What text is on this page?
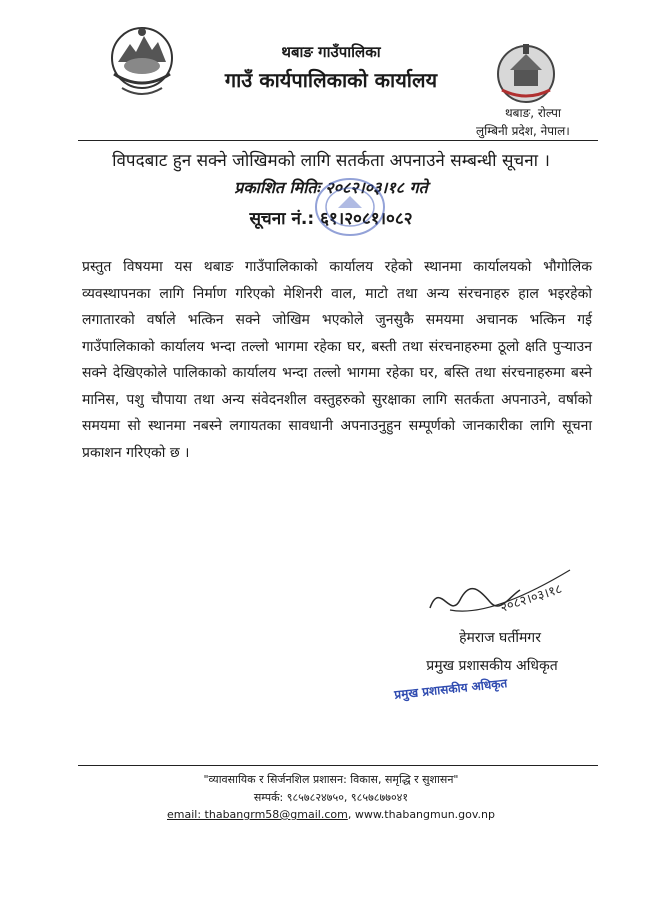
थबाङ गाउँपालिका
गाउँ कार्यपालिकाको कार्यालय
थबाङ, रोल्पा
लुम्बिनी प्रदेश, नेपाल।
विपदबाट हुन सक्ने जोखिमको लागि सतर्कता अपनाउने सम्बन्धी सूचना ।
प्रकाशित मितिः २०८२।०३।१८ गते
सूचना नं.: ६१।२०८१।०८२
प्रस्तुत विषयमा यस थबाङ गाउँपालिकाको कार्यालय रहेको स्थानमा कार्यालयको भौगोलिक व्यवस्थापनका लागि निर्माण गरिएको मेशिनरी वाल, माटो तथा अन्य संरचनाहरु हाल भइरहेको लगातारको वर्षाले भत्किन सक्ने जोखिम भएकोले जुनसुकै समयमा अचानक भत्किन गई गाउँपालिकाको कार्यालय भन्दा तल्लो भागमा रहेका घर, बस्ती तथा संरचनाहरुमा ठूलो क्षति पुऱ्याउन सक्ने देखिएकोले पालिकाको कार्यालय भन्दा तल्लो भागमा रहेका घर, बस्ति तथा संरचनाहरुमा बस्ने मानिस, पशु चौपाया तथा अन्य संवेदनशील वस्तुहरुको सुरक्षाका लागि सतर्कता अपनाउने, वर्षाको समयमा सो स्थानमा नबस्ने लगायतका सावधानी अपनाउनुहुन सम्पूर्णको जानकारीका लागि सूचना प्रकाशन गरिएको छ ।
२०८२।०३।१८
हेमराज घर्तीमगर
प्रमुख प्रशासकीय अधिकृत
प्रमुख प्रशासकीय अधिकृत
"व्यावसायिक र सिर्जनशिल प्रशासन: विकास, समृद्धि र सुशासन"
सम्पर्क: ९८५७८२४७५०, ९८५७८७७०४१
email: thabangrm58@gmail.com, www.thabangmun.gov.np
